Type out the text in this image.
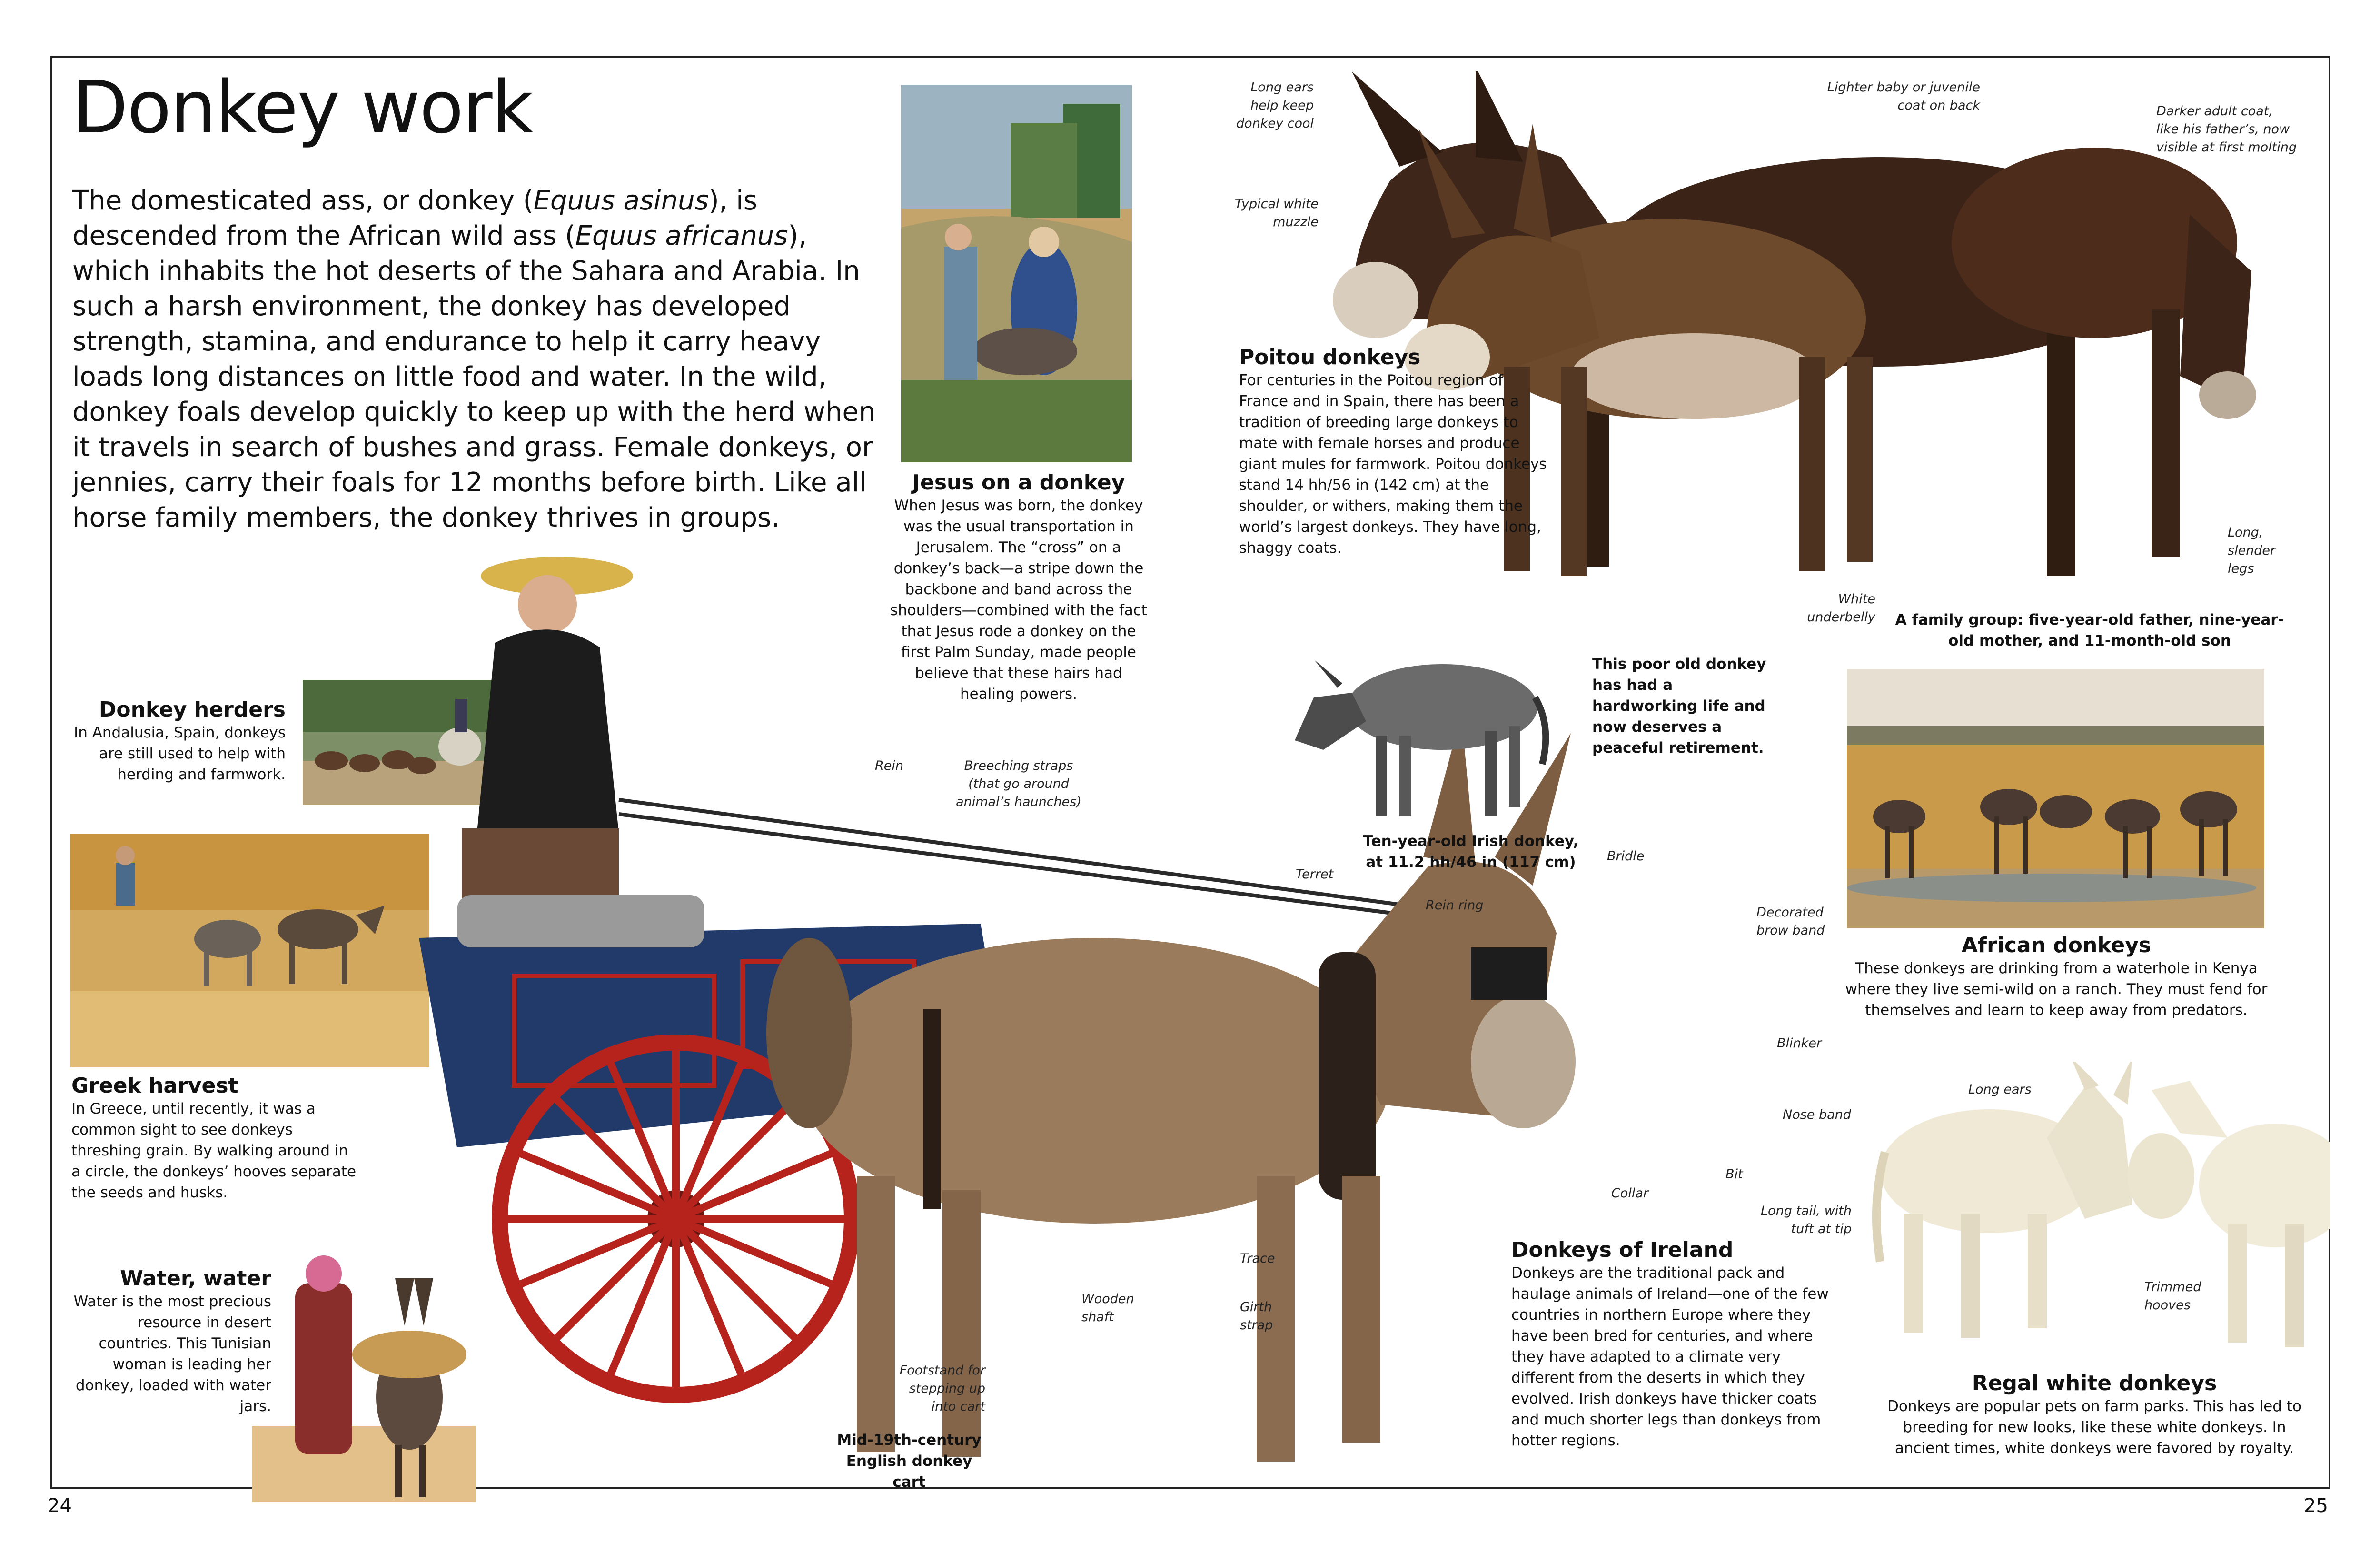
Donkey work
The domesticated ass, or donkey (Equus asinus), is descended from the African wild ass (Equus africanus), which inhabits the hot deserts of the Sahara and Arabia. In such a harsh environment, the donkey has developed strength, stamina, and endurance to help it carry heavy loads long distances on little food and water. In the wild, donkey foals develop quickly to keep up with the herd when it travels in search of bushes and grass. Female donkeys, or jennies, carry their foals for 12 months before birth. Like all horse family members, the donkey thrives in groups.
Donkey herders
In Andalusia, Spain, donkeys are still used to help with herding and farmwork.
Greek harvest
In Greece, until recently, it was a common sight to see donkeys threshing grain. By walking around in a circle, the donkeys’ hooves separate the seeds and husks.
Water, water
Water is the most precious resource in desert countries. This Tunisian woman is leading her donkey, loaded with water jars.
Jesus on a donkey
When Jesus was born, the donkey was the usual transportation in Jerusalem. The “cross” on a donkey’s back—a stripe down the backbone and band across the shoulders—combined with the fact that Jesus rode a donkey on the first Palm Sunday, made people believe that these hairs had healing powers.
Rein	Breeching straps (that go around animal’s haunches)
Terret
Rein ring
Bridle
Decorated brow band
Blinker
Nose band
Bit
Collar
Trace
Girth strap
Wooden shaft
Footstand for stepping up into cart
Mid-19th-century English donkey cart
This poor old donkey has had a hardworking life and now deserves a peaceful retirement.
Ten-year-old Irish donkey, at 11.2 hh/46 in (117 cm)
Long ears help keep donkey cool
Typical white muzzle
Lighter baby or juvenile coat on back	Darker adult coat, like his father’s, now visible at first molting
Long, slender legs
White underbelly	A family group: five-year-old father, nine-year-old mother, and 11-month-old son
Poitou donkeys
For centuries in the Poitou region of France and in Spain, there has been a tradition of breeding large donkeys to mate with female horses and produce giant mules for farmwork. Poitou donkeys stand 14 hh/56 in (142 cm) at the shoulder, or withers, making them the world’s largest donkeys. They have long, shaggy coats.
African donkeys
These donkeys are drinking from a waterhole in Kenya where they live semi-wild on a ranch. They must fend for themselves and learn to keep away from predators.
Donkeys of Ireland
Donkeys are the traditional pack and haulage animals of Ireland—one of the few countries in northern Europe where they have been bred for centuries, and where they have adapted to a climate very different from the deserts in which they evolved. Irish donkeys have thicker coats and much shorter legs than donkeys from hotter regions.
Long ears
Long tail, with tuft at tip
Trimmed hooves
Regal white donkeys
Donkeys are popular pets on farm parks. This has led to breeding for new looks, like these white donkeys. In ancient times, white donkeys were favored by royalty.
24	25
